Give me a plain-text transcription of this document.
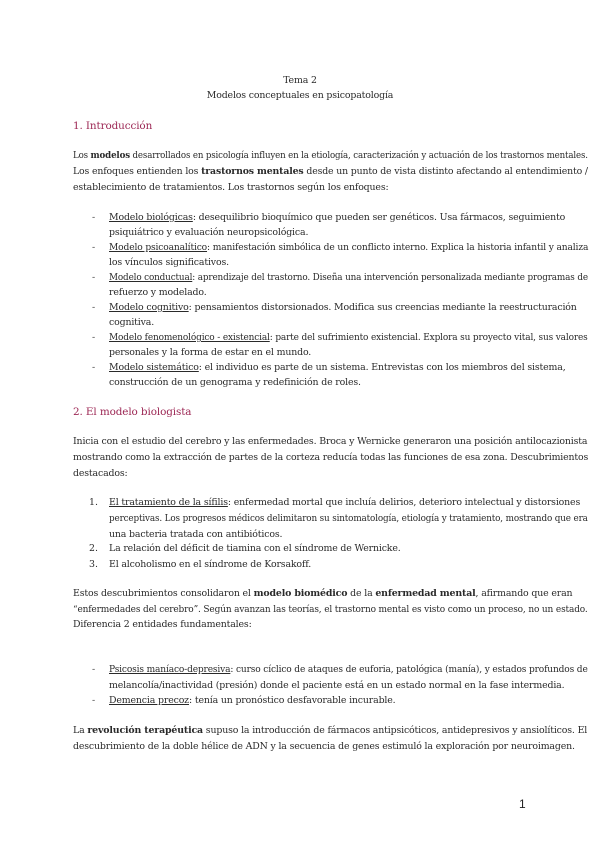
Tema 2
Modelos conceptuales en psicopatología
1. Introducción
Los modelos desarrollados en psicología influyen en la etiología, caracterización y actuación de los trastornos mentales.
Los enfoques entienden los trastornos mentales desde un punto de vista distinto afectando al entendimiento /
establecimiento de tratamientos. Los trastornos según los enfoques:
- Modelo biológicas: desequilibrio bioquímico que pueden ser genéticos. Usa fármacos, seguimiento
psiquiátrico y evaluación neuropsicológica.
- Modelo psicoanalítico: manifestación simbólica de un conflicto interno. Explica la historia infantil y analiza
los vínculos significativos.
- Modelo conductual: aprendizaje del trastorno. Diseña una intervención personalizada mediante programas de
refuerzo y modelado.
- Modelo cognitivo: pensamientos distorsionados. Modifica sus creencias mediante la reestructuración
cognitiva.
- Modelo fenomenológico - existencial: parte del sufrimiento existencial. Explora su proyecto vital, sus valores
personales y la forma de estar en el mundo.
- Modelo sistemático: el individuo es parte de un sistema. Entrevistas con los miembros del sistema,
construcción de un genograma y redefinición de roles.
2. El modelo biologista
Inicia con el estudio del cerebro y las enfermedades. Broca y Wernicke generaron una posición antilocazionista
mostrando como la extracción de partes de la corteza reducía todas las funciones de esa zona. Descubrimientos
destacados:
1. El tratamiento de la sífilis: enfermedad mortal que incluía delirios, deterioro intelectual y distorsiones
perceptivas. Los progresos médicos delimitaron su sintomatología, etiología y tratamiento, mostrando que era
una bacteria tratada con antibióticos.
2. La relación del déficit de tiamina con el síndrome de Wernicke.
3. El alcoholismo en el síndrome de Korsakoff.
Estos descubrimientos consolidaron el modelo biomédico de la enfermedad mental, afirmando que eran
“enfermedades del cerebro”. Según avanzan las teorías, el trastorno mental es visto como un proceso, no un estado.
Diferencia 2 entidades fundamentales:
- Psicosis maníaco-depresiva: curso cíclico de ataques de euforia, patológica (manía), y estados profundos de
melancolía/inactividad (presión) donde el paciente está en un estado normal en la fase intermedia.
- Demencia precoz: tenía un pronóstico desfavorable incurable.
La revolución terapéutica supuso la introducción de fármacos antipsicóticos, antidepresivos y ansiolíticos. El
descubrimiento de la doble hélice de ADN y la secuencia de genes estimuló la exploración por neuroimagen.
1
